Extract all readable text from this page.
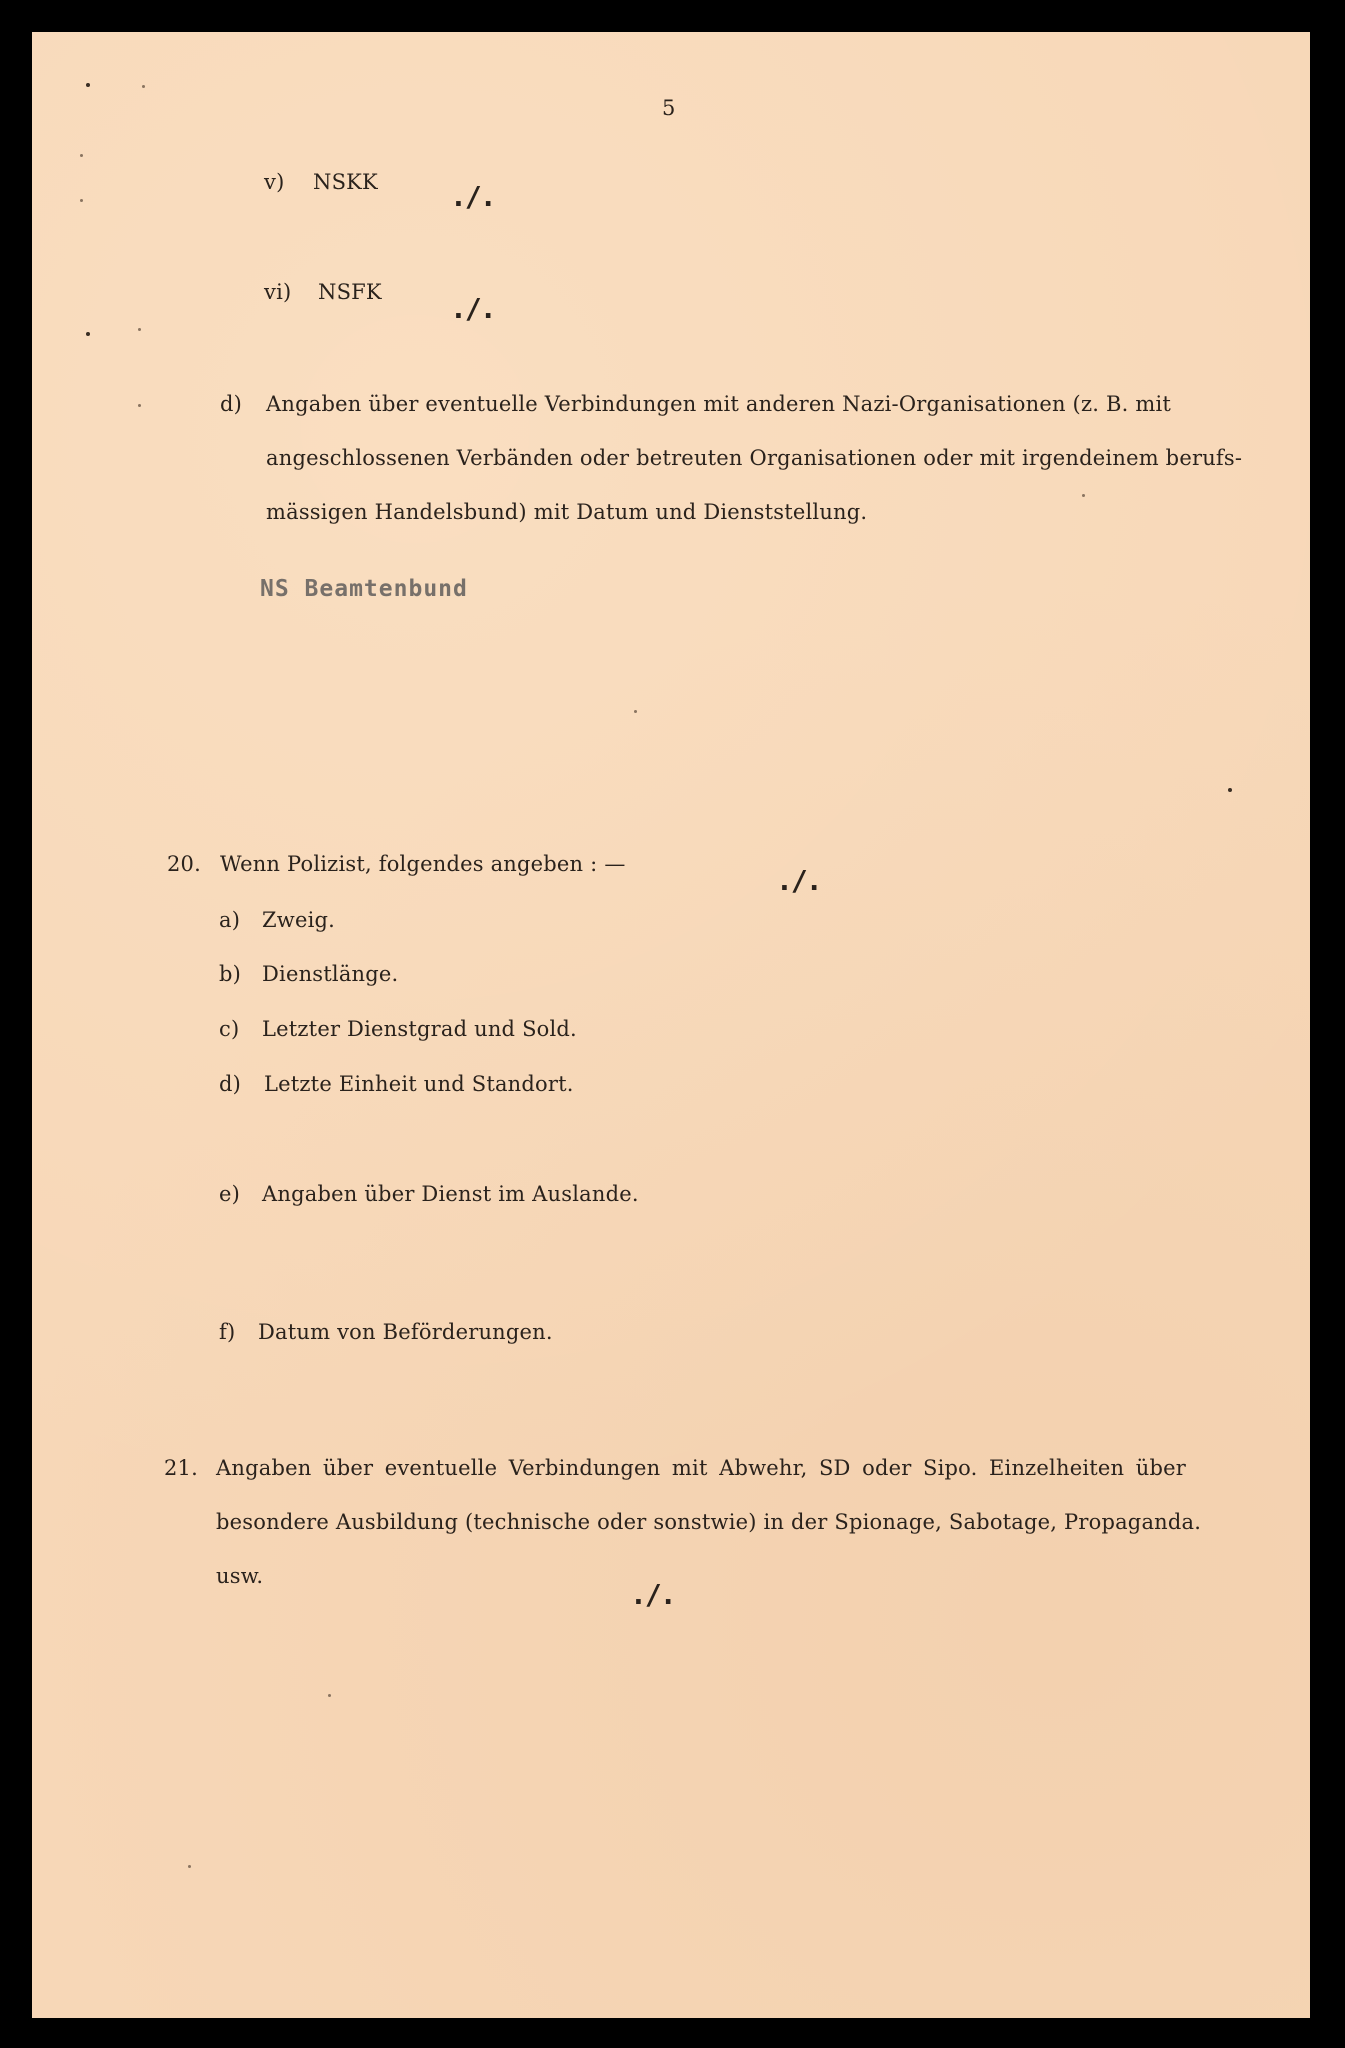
5
v) NSKK	./.
vi) NSFK ./.
d) Angaben über eventuelle Verbindungen mit anderen Nazi-Organisationen (z. B. mit
angeschlossenen Verbänden oder betreuten Organisationen oder mit irgendeinem berufs-
mässigen Handelsbund) mit Datum und Dienststellung.
NS Beamtenbund
20. Wenn Polizist, folgendes angeben : —	./.
a) Zweig.
b) Dienstlänge.
c) Letzter Dienstgrad und Sold.
d) Letzte Einheit und Standort.
e) Angaben über Dienst im Auslande.
f) Datum von Beförderungen.
21. Angaben über eventuelle Verbindungen mit Abwehr, SD oder Sipo. Einzelheiten über
besondere Ausbildung (technische oder sonstwie) in der Spionage, Sabotage, Propaganda.
usw.
./.
